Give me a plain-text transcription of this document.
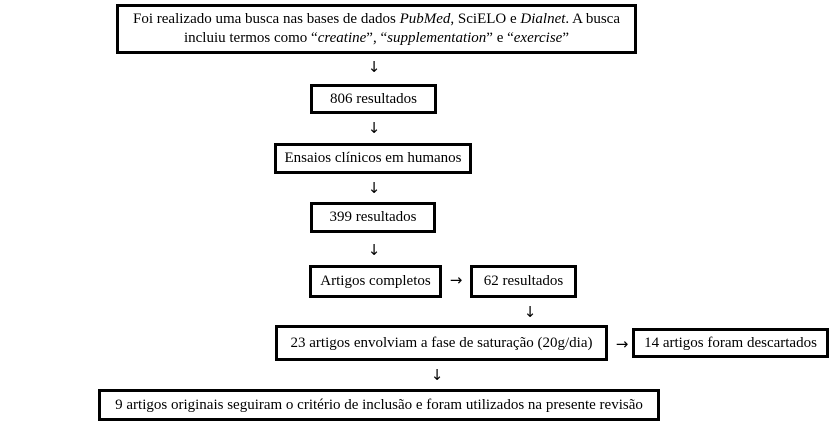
Foi realizado uma busca nas bases de dados PubMed, SciELO e Dialnet. A busca
incluiu termos como “creatine”, “supplementation” e “exercise”
↓
806 resultados
↓
Ensaios clínicos em humanos
↓
399 resultados
↓
Artigos completos	→	62 resultados
↓
23 artigos envolviam a fase de saturação (20g/dia)	→	14 artigos foram descartados
↓
9 artigos originais seguiram o critério de inclusão e foram utilizados na presente revisão
